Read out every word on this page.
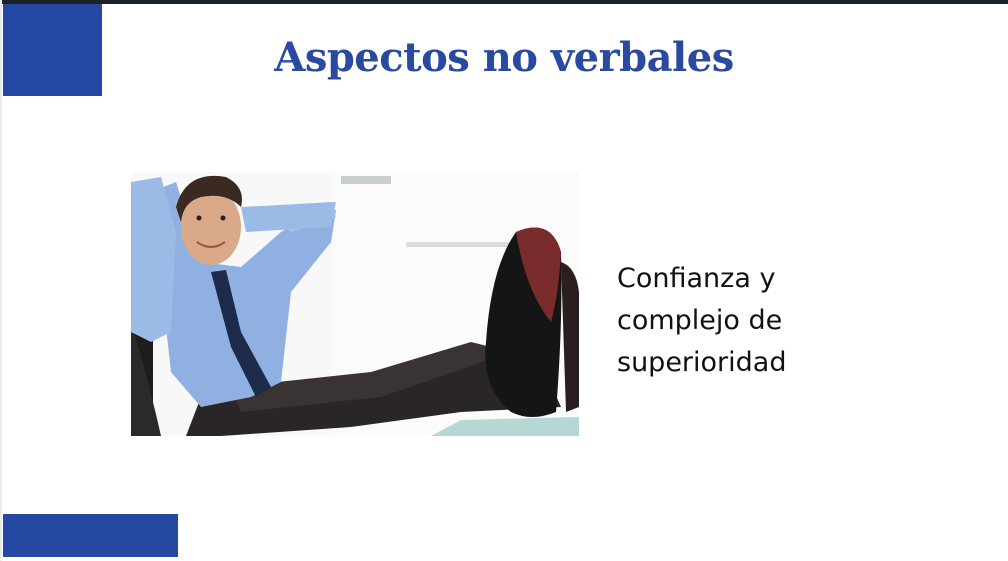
Aspectos no verbales
Confianza y complejo de superioridad
